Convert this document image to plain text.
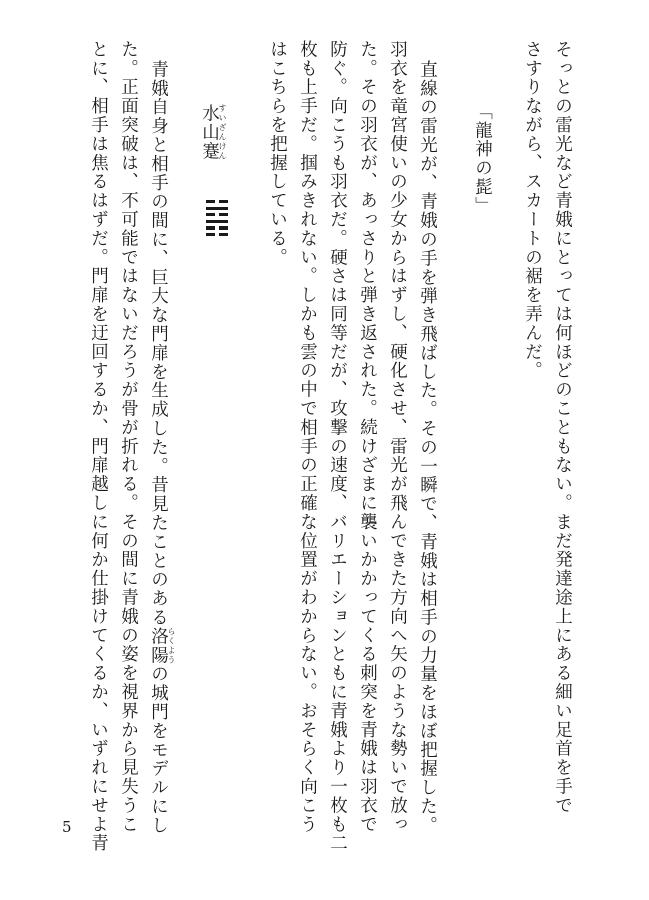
そっとの雷光など青娥にとっては何ほどのこともない。まだ発達途上にある細い足首を手で
さすりながら、スカートの裾を弄んだ。
「龍神の髭」
直線の雷光が、青娥の手を弾き飛ばした。その一瞬で、青娥は相手の力量をほぼ把握した。
羽衣を竜宮使いの少女からはずし、硬化させ、雷光が飛んできた方向へ矢のような勢いで放っ
た。その羽衣が、あっさりと弾き返された。続けざまに襲いかかってくる刺突を青娥は羽衣で
防ぐ。向こうも羽衣だ。硬さは同等だが、攻撃の速度、バリエーションともに青娥より一枚も二
枚も上手だ。掴みきれない。しかも雲の中で相手の正確な位置がわからない。おそらく向こう
はこちらを把握している。
水山蹇すいざんけん
青娥自身と相手の間に、巨大な門扉を生成した。昔見たことのある洛陽らくようの城門をモデルにし
た。正面突破は、不可能ではないだろうが骨が折れる。その間に青娥の姿を視界から見失うこ
とに、相手は焦るはずだ。門扉を迂回するか、門扉越しに何か仕掛けてくるか、いずれにせよ青
5
